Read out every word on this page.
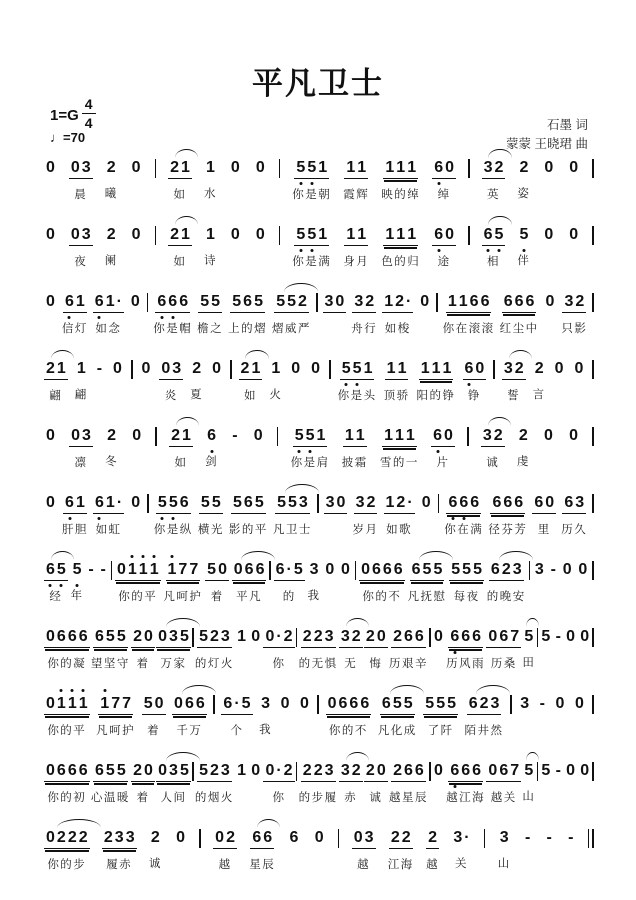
平凡卫士
$1=G \frac{4}{4}$
♩=70
石墨 词
蒙蒙 王晓珺 曲
0 0 3
晨
2
曦
0 2 1
如
1
水
0 0 5 5 1
你是朝
1 1
霞辉
1 1 1
映的绰
6 0
绰
3 2
英
2
姿
0 0
0 0 3
夜
2
阑
0 2 1
如
1
诗
0 0 5 5 1
你是满
1 1
身月
1 1 1
色的归
6 0
途
6 5
相
5
伴
0 0
0 6 1
信灯
6 1 ·
如念
0 6 6 6
你是帽
5 5
檐之
5 6 5
上的熠
5 5 2
熠威严
3 0 3 2
舟行
1 2 ·
如梭
0 1 1 6 6
你在滚滚
6 6 6
红尘中
0 3 2
只影
2 1
翩
1
翩
- 0 0 0 3
炎
2
夏
0 2 1
如
1
火
0 0 5 5 1
你是头
1 1
顶骄
1 1 1
阳的铮
6 0
铮
3 2
誓
2
言
0 0
0 0 3
凛
2
冬
0 2 1
如
6
剑
- 0 5 5 1
你是肩
1 1
披霜
1 1 1
雪的一
6 0
片
3 2
诚
2
虔
0 0
0 6 1
肝胆
6 1 ·
如虹
0 5 5 6
你是纵
5 5
横光
5 6 5
影的平
5 5 3
凡卫士
3 0 3 2
岁月
1 2 ·
如歌
0 6 6 6
你在满
6 6 6
径芬芳
6 0
里
6 3
历久
6 5
经
5
年
- - 0 1 1 1
你的平
1 7 7
凡呵护
5 0
着
0 6 6
平凡
6 · 5
的
3
我
0 0 0 6 6 6
你的不
6 5 5
凡抚慰
5 5 5
每夜
6 2 3
的晚安
3 - 0 0
0 6 6 6
你的凝
6 5 5
望坚守
2 0
着
0 3 5
万家
5 2 3
的灯火
1 0 0 · 2
你
2 2 3
的无惧
3 2
无
2 0
悔
2 6 6
历艰辛
0 6 6 6
历风雨
0 6 7
历桑
5
田
5 - 0 0
0 1 1 1
你的平
1 7 7
凡呵护
5 0
着
0 6 6
千万
6 · 5
个
3
我
0 0 0 6 6 6
你的不
6 5 5
凡化成
5 5 5
了阡
6 2 3
陌井然
3 - 0 0
0 6 6 6
你的初
6 5 5
心温暖
2 0
着
0 3 5
人间
5 2 3
的烟火
1 0 0 · 2
你
2 2 3
的步履
3 2
赤
2 0
诚
2 6 6
越星辰
0 6 6 6
越江海
0 6 7
越关
5
山
5 - 0 0
0 2 2 2
你的步
2 3 3
履赤
2
诚
0 0 2
越
6 6
星辰
6 0 0 3
越
2 2
江海
2
越
3 ·
关
3
山
- - -
